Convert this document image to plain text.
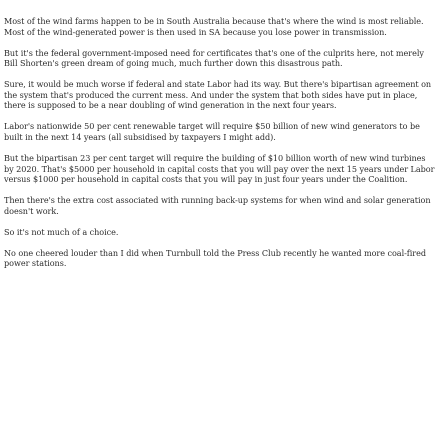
Most of the wind farms happen to be in South Australia because that's where the wind is most reliable. Most of the wind-generated power is then used in SA because you lose power in transmission.

But it's the federal government-imposed need for certificates that's one of the culprits here, not merely Bill Shorten's green dream of going much, much further down this disastrous path.

Sure, it would be much worse if federal and state Labor had its way. But there's bipartisan agreement on the system that's produced the current mess. And under the system that both sides have put in place, there is supposed to be a near doubling of wind generation in the next four years.

Labor's nationwide 50 per cent renewable target will require $50 billion of new wind generators to be built in the next 14 years (all subsidised by taxpayers I might add).

But the bipartisan 23 per cent target will require the building of $10 billion worth of new wind turbines by 2020. That's $5000 per household in capital costs that you will pay over the next 15 years under Labor versus $1000 per household in capital costs that you will pay in just four years under the Coalition.

Then there's the extra cost associated with running back-up systems for when wind and solar generation doesn't work.

So it's not much of a choice.

No one cheered louder than I did when Turnbull told the Press Club recently he wanted more coal-fired power stations.
